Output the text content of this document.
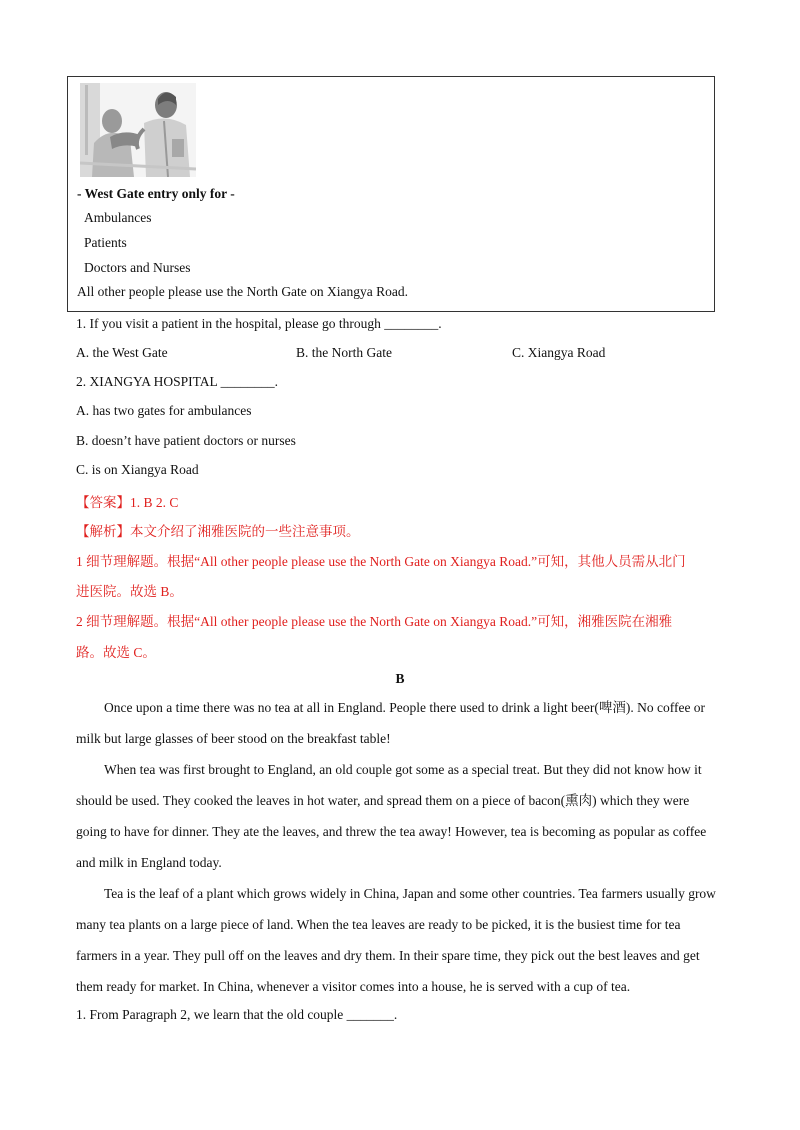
- West Gate entry only for -
Ambulances
Patients
Doctors and Nurses
All other people please use the North Gate on Xiangya Road.
1. If you visit a patient in the hospital, please go through ________.
A. the West Gate	B. the North Gate	C. Xiangya Road
2. XIANGYA HOSPITAL ________.
A. has two gates for ambulances
B. doesn’t have patient doctors or nurses
C. is on Xiangya Road
【答案】1. B 2. C
【解析】本文介绍了湘雅医院的一些注意事项。
1 细节理解题。根据“All other people please use the North Gate on Xiangya Road.”可知，其他人员需从北门
进医院。故选 B。
2 细节理解题。根据“All other people please use the North Gate on Xiangya Road.”可知，湘雅医院在湘雅
路。故选 C。
B

Once upon a time there was no tea at all in England. People there used to drink a light beer(啤酒). No coffee or milk but large glasses of beer stood on the breakfast table!

When tea was first brought to England, an old couple got some as a special treat. But they did not know how it should be used. They cooked the leaves in hot water, and spread them on a piece of bacon(熏肉) which they were going to have for dinner. They ate the leaves, and threw the tea away! However, tea is becoming as popular as coffee and milk in England today.

Tea is the leaf of a plant which grows widely in China, Japan and some other countries. Tea farmers usually grow many tea plants on a large piece of land. When the tea leaves are ready to be picked, it is the busiest time for tea farmers in a year. They pull off on the leaves and dry them. In their spare time, they pick out the best leaves and get them ready for market. In China, whenever a visitor comes into a house, he is served with a cup of tea.

1. From Paragraph 2, we learn that the old couple _______.
